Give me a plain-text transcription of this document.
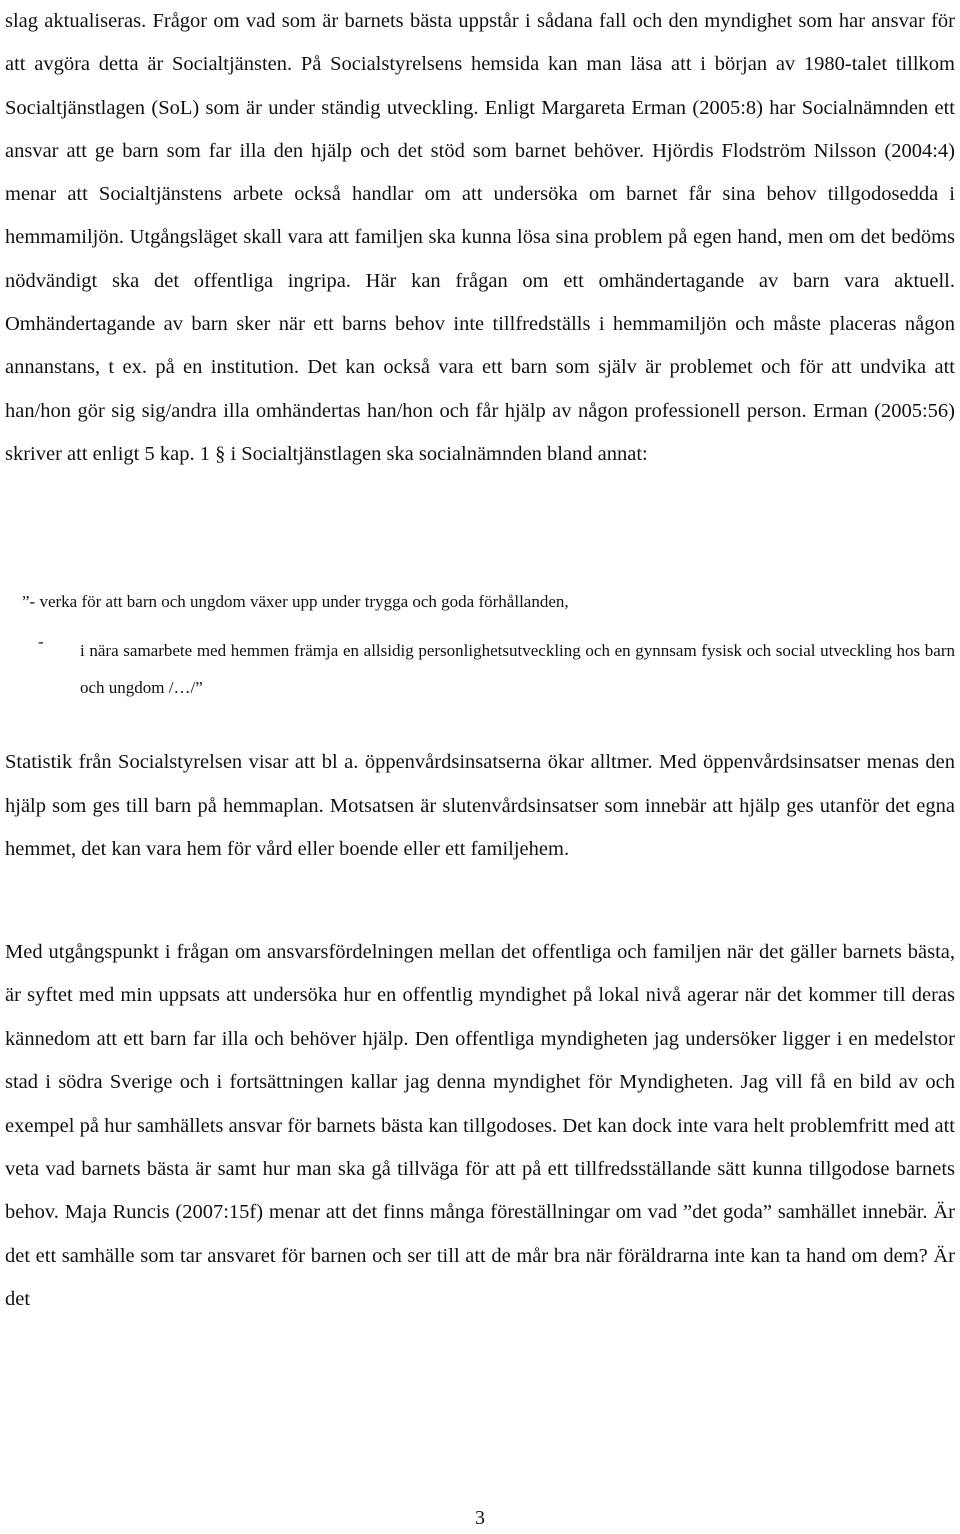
slag aktualiseras. Frågor om vad som är barnets bästa uppstår i sådana fall och den myndighet som har ansvar för att avgöra detta är Socialtjänsten. På Socialstyrelsens hemsida kan man läsa att i början av 1980-talet tillkom Socialtjänstlagen (SoL) som är under ständig utveckling. Enligt Margareta Erman (2005:8) har Socialnämnden ett ansvar att ge barn som far illa den hjälp och det stöd som barnet behöver. Hjördis Flodström Nilsson (2004:4) menar att Socialtjänstens arbete också handlar om att undersöka om barnet får sina behov tillgodosedda i hemmamiljön. Utgångsläget skall vara att familjen ska kunna lösa sina problem på egen hand, men om det bedöms nödvändigt ska det offentliga ingripa. Här kan frågan om ett omhändertagande av barn vara aktuell. Omhändertagande av barn sker när ett barns behov inte tillfredställs i hemmamiljön och måste placeras någon annanstans, t ex. på en institution. Det kan också vara ett barn som själv är problemet och för att undvika att han/hon gör sig sig/andra illa omhändertas han/hon och får hjälp av någon professionell person. Erman (2005:56) skriver att enligt 5 kap. 1 § i Socialtjänstlagen ska socialnämnden bland annat:

”- verka för att barn och ungdom växer upp under trygga och goda förhållanden,
- i nära samarbete med hemmen främja en allsidig personlighetsutveckling och en gynnsam fysisk och social utveckling hos barn och ungdom /…/”

Statistik från Socialstyrelsen visar att bl a. öppenvårdsinsatserna ökar alltmer. Med öppenvårdsinsatser menas den hjälp som ges till barn på hemmaplan. Motsatsen är slutenvårdsinsatser som innebär att hjälp ges utanför det egna hemmet, det kan vara hem för vård eller boende eller ett familjehem.

Med utgångspunkt i frågan om ansvarsfördelningen mellan det offentliga och familjen när det gäller barnets bästa, är syftet med min uppsats att undersöka hur en offentlig myndighet på lokal nivå agerar när det kommer till deras kännedom att ett barn far illa och behöver hjälp. Den offentliga myndigheten jag undersöker ligger i en medelstor stad i södra Sverige och i fortsättningen kallar jag denna myndighet för Myndigheten. Jag vill få en bild av och exempel på hur samhällets ansvar för barnets bästa kan tillgodoses. Det kan dock inte vara helt problemfritt med att veta vad barnets bästa är samt hur man ska gå tillväga för att på ett tillfredsställande sätt kunna tillgodose barnets behov. Maja Runcis (2007:15f) menar att det finns många föreställningar om vad ”det goda” samhället innebär. Är det ett samhälle som tar ansvaret för barnen och ser till att de mår bra när föräldrarna inte kan ta hand om dem? Är det

3
